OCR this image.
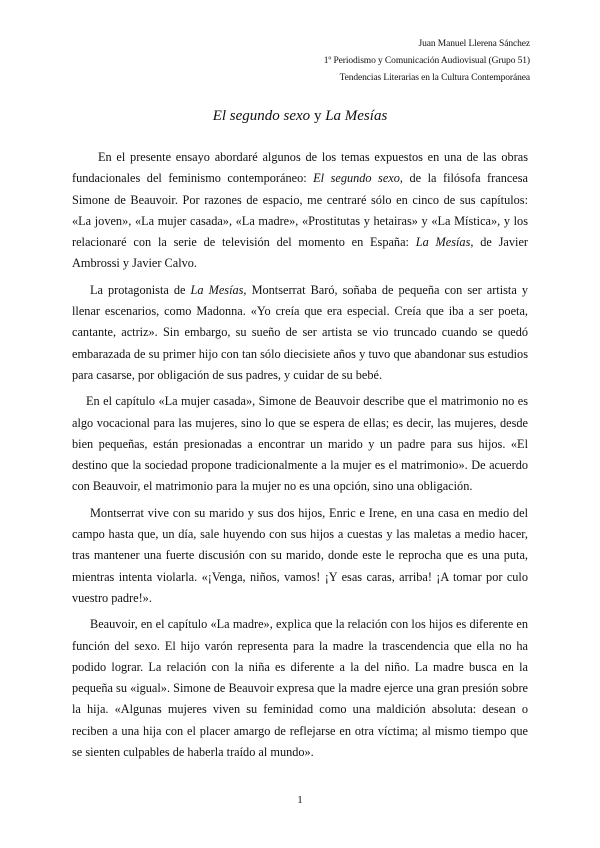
Juan Manuel Llerena Sánchez
1º Periodismo y Comunicación Audiovisual (Grupo 51)
Tendencias Literarias en la Cultura Contemporánea
El segundo sexo y La Mesías

En el presente ensayo abordaré algunos de los temas expuestos en una de las obras fundacionales del feminismo contemporáneo: El segundo sexo, de la filósofa francesa Simone de Beauvoir. Por razones de espacio, me centraré sólo en cinco de sus capítulos: «La joven», «La mujer casada», «La madre», «Prostitutas y hetairas» y «La Mística», y los relacionaré con la serie de televisión del momento en España: La Mesías, de Javier Ambrossi y Javier Calvo.

La protagonista de La Mesías, Montserrat Baró, soñaba de pequeña con ser artista y llenar escenarios, como Madonna. «Yo creía que era especial. Creía que iba a ser poeta, cantante, actriz». Sin embargo, su sueño de ser artista se vio truncado cuando se quedó embarazada de su primer hijo con tan sólo diecisiete años y tuvo que abandonar sus estudios para casarse, por obligación de sus padres, y cuidar de su bebé.

En el capítulo «La mujer casada», Simone de Beauvoir describe que el matrimonio no es algo vocacional para las mujeres, sino lo que se espera de ellas; es decir, las mujeres, desde bien pequeñas, están presionadas a encontrar un marido y un padre para sus hijos. «El destino que la sociedad propone tradicionalmente a la mujer es el matrimonio». De acuerdo con Beauvoir, el matrimonio para la mujer no es una opción, sino una obligación.

Montserrat vive con su marido y sus dos hijos, Enric e Irene, en una casa en medio del campo hasta que, un día, sale huyendo con sus hijos a cuestas y las maletas a medio hacer, tras mantener una fuerte discusión con su marido, donde este le reprocha que es una puta, mientras intenta violarla. «¡Venga, niños, vamos! ¡Y esas caras, arriba! ¡A tomar por culo vuestro padre!».

Beauvoir, en el capítulo «La madre», explica que la relación con los hijos es diferente en función del sexo. El hijo varón representa para la madre la trascendencia que ella no ha podido lograr. La relación con la niña es diferente a la del niño. La madre busca en la pequeña su «igual». Simone de Beauvoir expresa que la madre ejerce una gran presión sobre la hija. «Algunas mujeres viven su feminidad como una maldición absoluta: desean o reciben a una hija con el placer amargo de reflejarse en otra víctima; al mismo tiempo que se sienten culpables de haberla traído al mundo».

1
